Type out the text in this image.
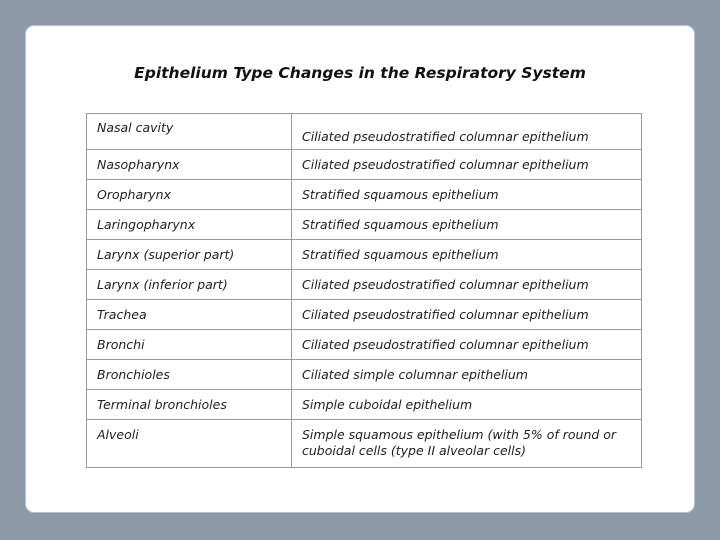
Epithelium Type Changes in the Respiratory System
Nasal cavity	Ciliated pseudostratified columnar epithelium
Nasopharynx	Ciliated pseudostratified columnar epithelium
Oropharynx	Stratified squamous epithelium
Laringopharynx	Stratified squamous epithelium
Larynx (superior part)	Stratified squamous epithelium
Larynx (inferior part)	Ciliated pseudostratified columnar epithelium
Trachea	Ciliated pseudostratified columnar epithelium
Bronchi	Ciliated pseudostratified columnar epithelium
Bronchioles	Ciliated simple columnar epithelium
Terminal bronchioles	Simple cuboidal epithelium
Alveoli	Simple squamous epithelium (with 5% of round or cuboidal cells (type II alveolar cells)
